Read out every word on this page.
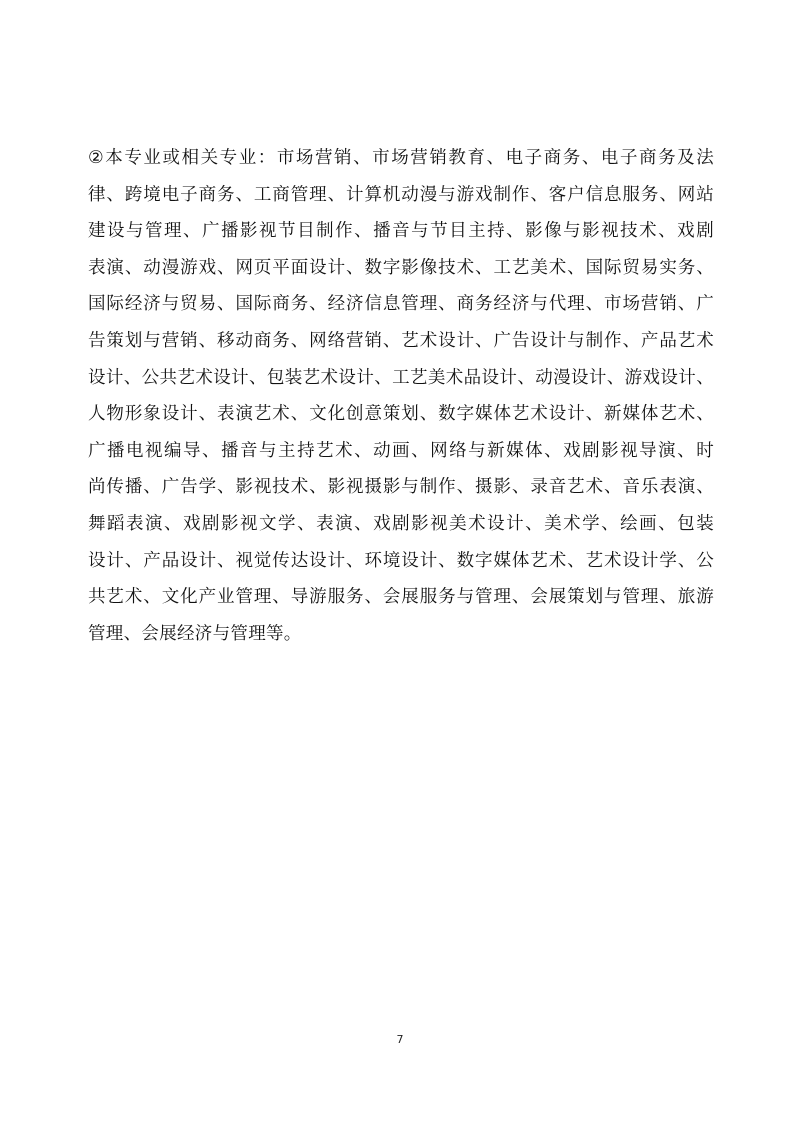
②本专业或相关专业：市场营销、市场营销教育、电子商务、电子商务及法
律、跨境电子商务、工商管理、计算机动漫与游戏制作、客户信息服务、网站
建设与管理、广播影视节目制作、播音与节目主持、影像与影视技术、戏剧
表演、动漫游戏、网页平面设计、数字影像技术、工艺美术、国际贸易实务、
国际经济与贸易、国际商务、经济信息管理、商务经济与代理、市场营销、广
告策划与营销、移动商务、网络营销、艺术设计、广告设计与制作、产品艺术
设计、公共艺术设计、包装艺术设计、工艺美术品设计、动漫设计、游戏设计、
人物形象设计、表演艺术、文化创意策划、数字媒体艺术设计、新媒体艺术、
广播电视编导、播音与主持艺术、动画、网络与新媒体、戏剧影视导演、时
尚传播、广告学、影视技术、影视摄影与制作、摄影、录音艺术、音乐表演、
舞蹈表演、戏剧影视文学、表演、戏剧影视美术设计、美术学、绘画、包装
设计、产品设计、视觉传达设计、环境设计、数字媒体艺术、艺术设计学、公
共艺术、文化产业管理、导游服务、会展服务与管理、会展策划与管理、旅游
管理、会展经济与管理等。
7
